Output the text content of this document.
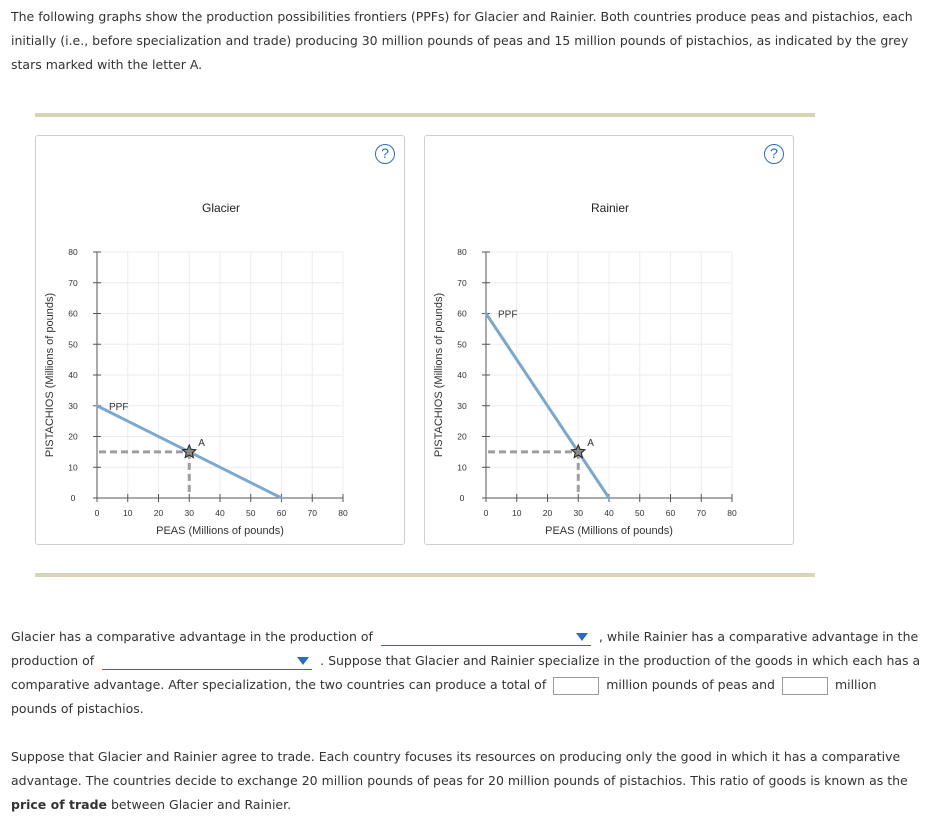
The following graphs show the production possibilities frontiers (PPFs) for Glacier and Rainier. Both countries produce peas and pistachios, each initially (i.e., before specialization and trade) producing 30 million pounds of peas and 15 million pounds of pistachios, as indicated by the grey stars marked with the letter A.
?
Glacier
0	10	20	30	40	50	60	70	80
0
10
20
30
40
50
60
70
80
PEAS (Millions of pounds)
PISTACHIOS (Millions of pounds)	PPF
A
?
Rainier
0	10	20	30	40	50	60	70	80
0
10
20
30
40
50
60
70
80
PEAS (Millions of pounds)
PISTACHIOS (Millions of pounds)	PPF
A
Glacier has a comparative advantage in the production of	, while Rainier has a comparative advantage in the production of	. Suppose that Glacier and Rainier specialize in the production of the goods in which each has a comparative advantage. After specialization, the two countries can produce a total of	million pounds of peas and	million pounds of pistachios.
Suppose that Glacier and Rainier agree to trade. Each country focuses its resources on producing only the good in which it has a comparative advantage. The countries decide to exchange 20 million pounds of peas for 20 million pounds of pistachios. This ratio of goods is known as the price of trade between Glacier and Rainier.
